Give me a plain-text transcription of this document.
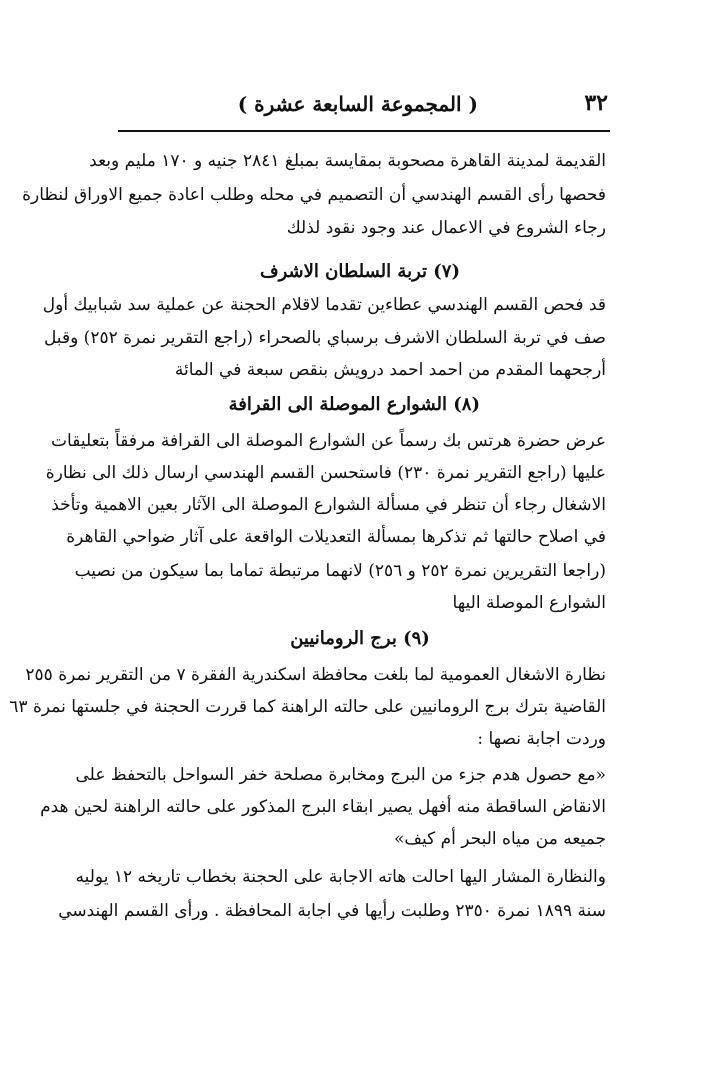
٣٢
( المجموعة السابعة عشرة )
القديمة لمدينة القاهرة مصحوبة بمقايسة بمبلغ ٢٨٤١ جنيه و ١٧٠ مليم وبعد
فحصها رأى القسم الهندسي أن التصميم في محله وطلب اعادة جميع الاوراق لنظارة
رجاء الشروع في الاعمال عند وجود نقود لذلك
(٧) تربة السلطان الاشرف
قد فحص القسم الهندسي عطاءين تقدما لاقلام الحجنة عن عملية سد شبابيك أول
صف في تربة السلطان الاشرف برسباي بالصحراء (راجع التقرير نمرة ٢٥٢) وقبل
أرجحهما المقدم من احمد احمد درويش بنقص سبعة في المائة
(٨) الشوارع الموصلة الى القرافة
عرض حضرة هرتس بك رسماً عن الشوارع الموصلة الى القرافة مرفقاً بتعليقات
عليها (راجع التقرير نمرة ٢٣٠) فاستحسن القسم الهندسي ارسال ذلك الى نظارة
الاشغال رجاء أن تنظر في مسألة الشوارع الموصلة الى الآثار بعين الاهمية وتأخذ
في اصلاح حالتها ثم تذكرها بمسألة التعديلات الواقعة على آثار ضواحي القاهرة
(راجعا التقريرين نمرة ٢٥٢ و ٢٥٦) لانهما مرتبطة تماما بما سيكون من نصيب
الشوارع الموصلة اليها
(٩) برج الرومانيين
نظارة الاشغال العمومية لما بلغت محافظة اسكندرية الفقرة ٧ من التقرير نمرة ٢٥٥
القاضية بترك برج الرومانيين على حالته الراهنة كما قررت الحجنة في جلستها نمرة ٦٣
وردت اجابة نصها :
«مع حصول هدم جزء من البرج ومخابرة مصلحة خفر السواحل بالتحفظ على
الانقاض الساقطة منه أفهل يصير ابقاء البرج المذكور على حالته الراهنة لحين هدم
جميعه من مياه البحر أم كيف»
والنظارة المشار اليها احالت هاته الاجابة على الحجنة بخطاب تاريخه ١٢ يوليه
سنة ١٨٩٩ نمرة ٢٣٥٠ وطلبت رأيها في اجابة المحافظة . ورأى القسم الهندسي
